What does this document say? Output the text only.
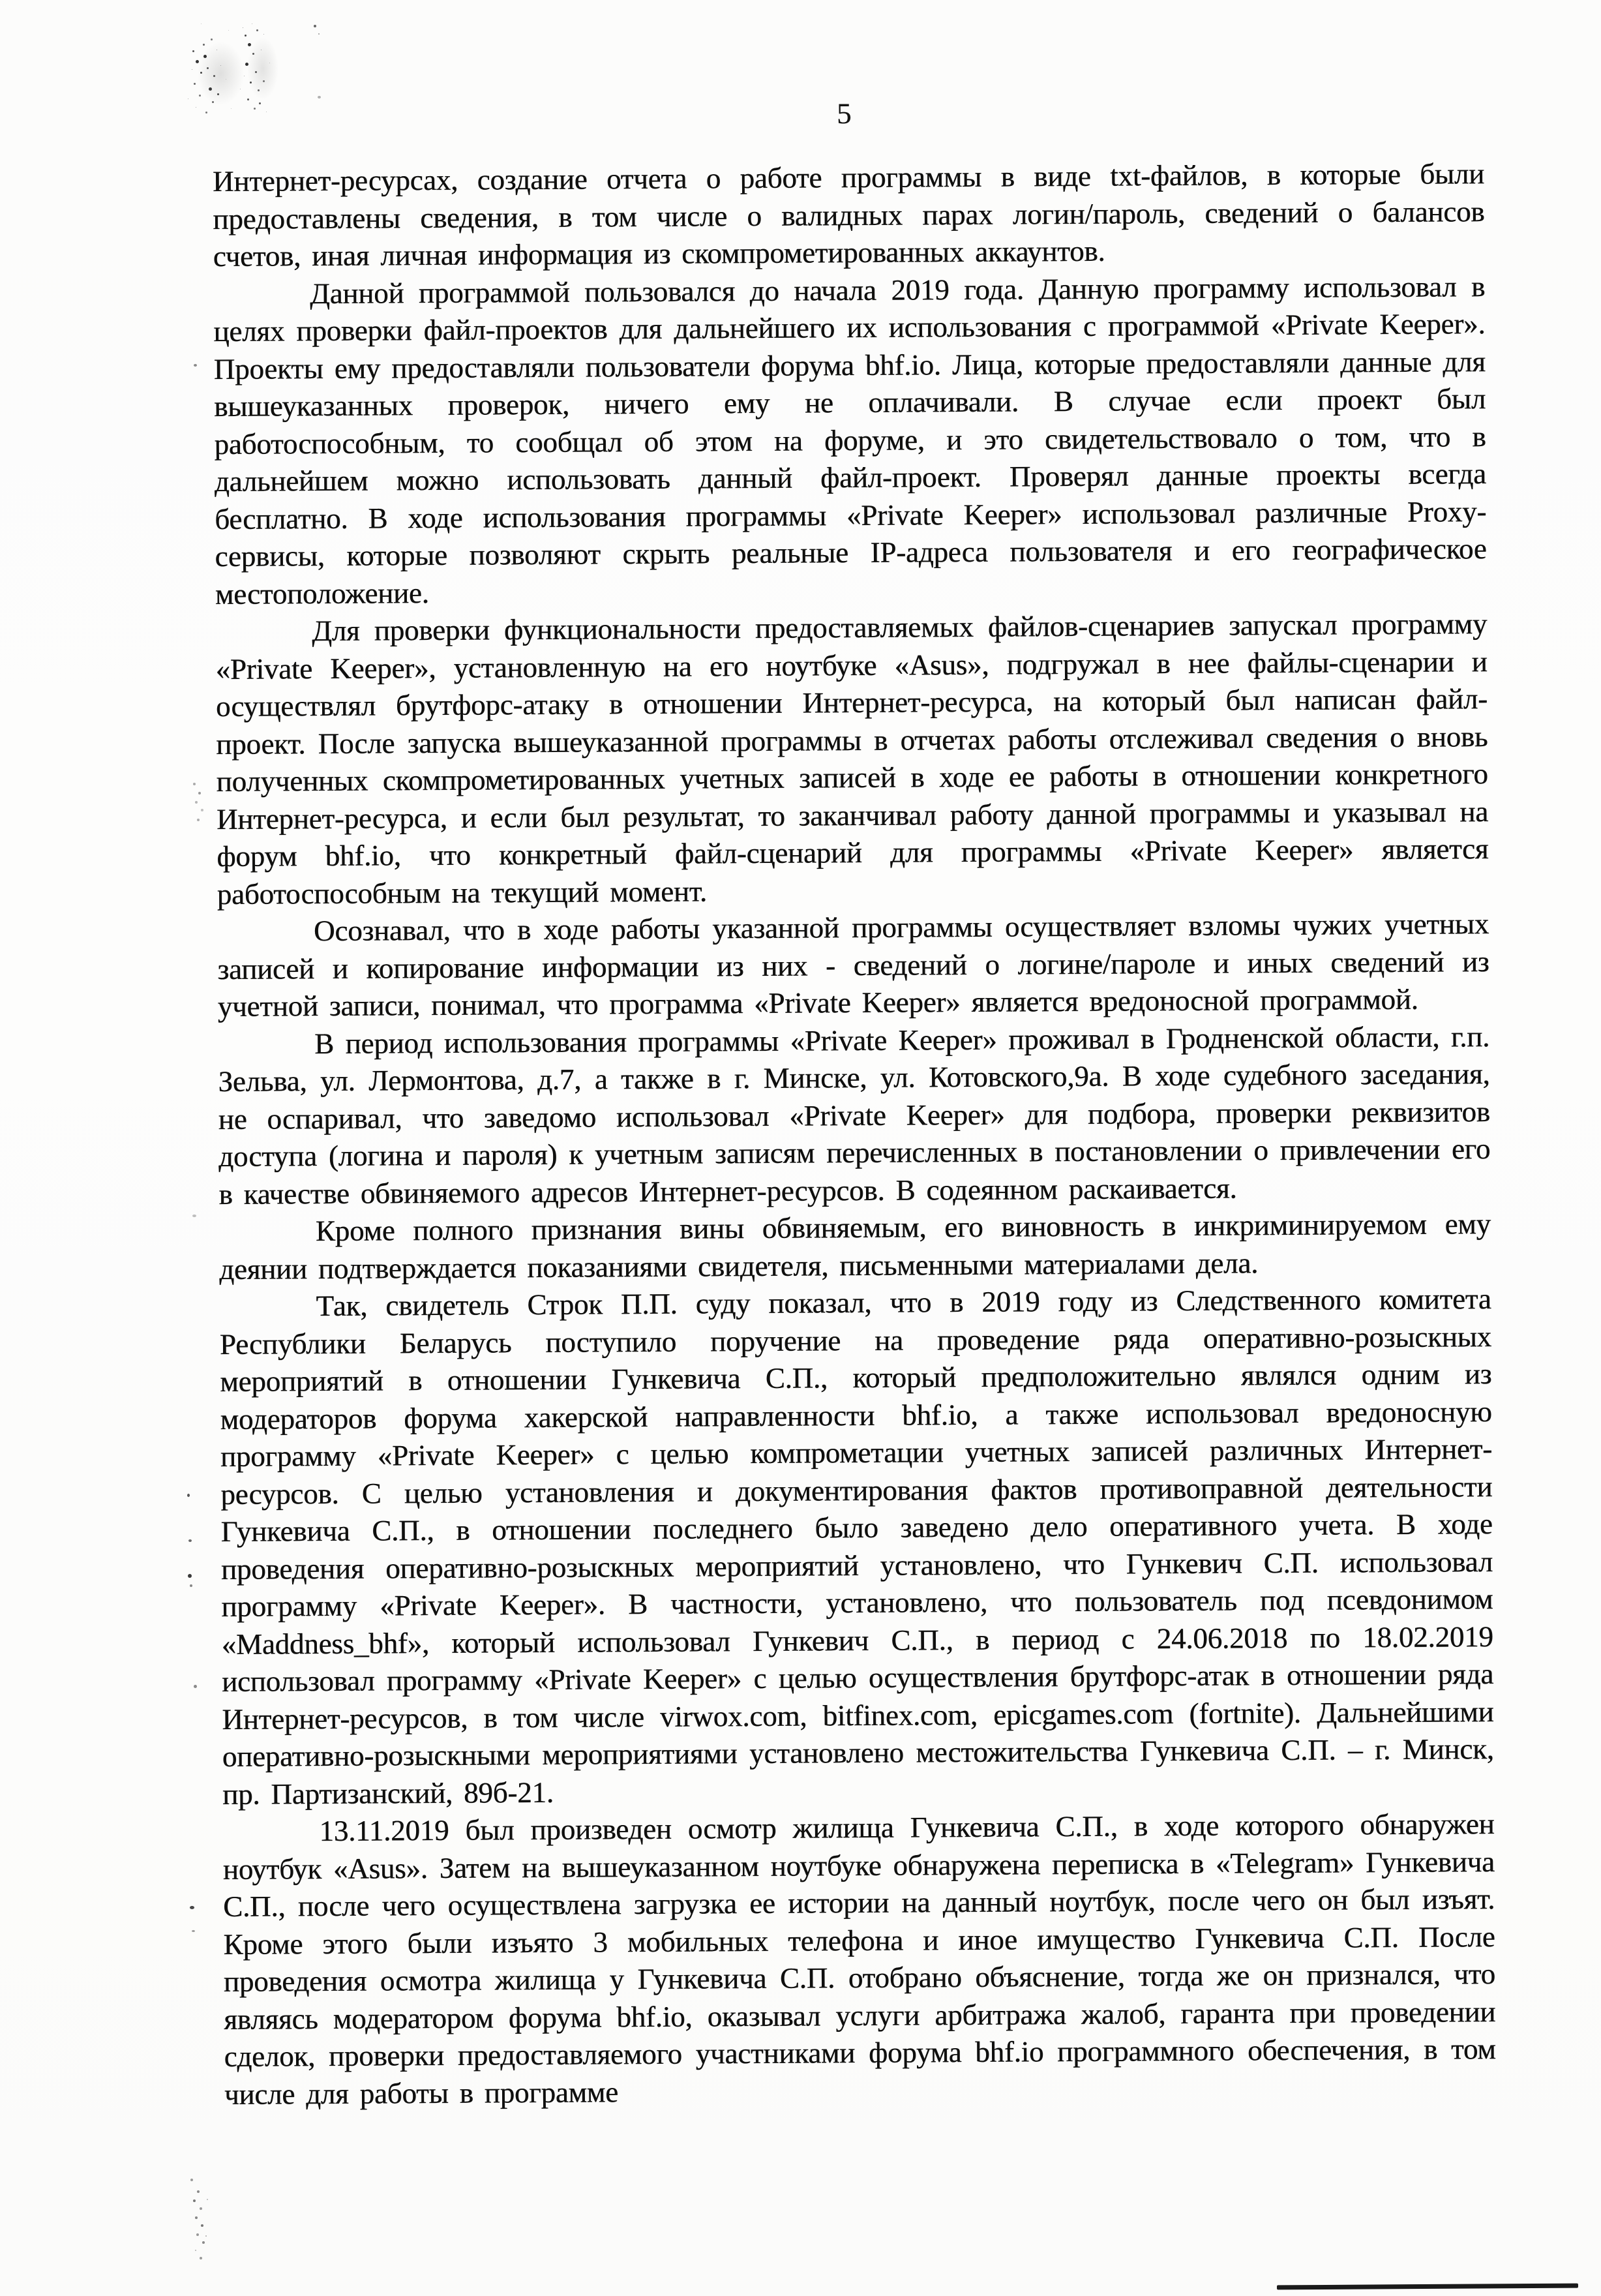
5

Интернет-ресурсах, создание отчета о работе программы в виде txt-файлов, в которые были предоставлены сведения, в том числе о валидных парах логин/пароль, сведений о балансов счетов, иная личная информация из скомпрометированных аккаунтов.

Данной программой пользовался до начала 2019 года. Данную программу использовал в целях проверки файл-проектов для дальнейшего их использования с программой «Private Keeper». Проекты ему предоставляли пользователи форума bhf.io. Лица, которые предоставляли данные для вышеуказанных проверок, ничего ему не оплачивали. В случае если проект был работоспособным, то сообщал об этом на форуме, и это свидетельствовало о том, что в дальнейшем можно использовать данный файл-проект. Проверял данные проекты всегда бесплатно. В ходе использования программы «Private Keeper» использовал различные Proxy-сервисы, которые позволяют скрыть реальные IP-адреса пользователя и его географическое местоположение.

Для проверки функциональности предоставляемых файлов-сценариев запускал программу «Private Keeper», установленную на его ноутбуке «Asus», подгружал в нее файлы-сценарии и осуществлял брутфорс-атаку в отношении Интернет-ресурса, на который был написан файл-проект. После запуска вышеуказанной программы в отчетах работы отслеживал сведения о вновь полученных скомпрометированных учетных записей в ходе ее работы в отношении конкретного Интернет-ресурса, и если был результат, то заканчивал работу данной программы и указывал на форум bhf.io, что конкретный файл-сценарий для программы «Private Keeper» является работоспособным на текущий момент.

Осознавал, что в ходе работы указанной программы осуществляет взломы чужих учетных записей и копирование информации из них - сведений о логине/пароле и иных сведений из учетной записи, понимал, что программа «Private Keeper» является вредоносной программой.

В период использования программы «Private Keeper» проживал в Гродненской области, г.п. Зельва, ул. Лермонтова, д.7, а также в г. Минске, ул. Котовского,9а. В ходе судебного заседания, не оспаривал, что заведомо использовал «Private Keeper» для подбора, проверки реквизитов доступа (логина и пароля) к учетным записям перечисленных в постановлении о привлечении его в качестве обвиняемого адресов Интернет-ресурсов. В содеянном раскаивается.

Кроме полного признания вины обвиняемым, его виновность в инкриминируемом ему деянии подтверждается показаниями свидетеля, письменными материалами дела.

Так, свидетель Строк П.П. суду показал, что в 2019 году из Следственного комитета Республики Беларусь поступило поручение на проведение ряда оперативно-розыскных мероприятий в отношении Гункевича С.П., который предположительно являлся одним из модераторов форума хакерской направленности bhf.io, а также использовал вредоносную программу «Private Keeper» с целью компрометации учетных записей различных Интернет-ресурсов. С целью установления и документирования фактов противоправной деятельности Гункевича С.П., в отношении последнего было заведено дело оперативного учета. В ходе проведения оперативно-розыскных мероприятий установлено, что Гункевич С.П. использовал программу «Private Keeper». В частности, установлено, что пользователь под псевдонимом «Maddness_bhf», который использовал Гункевич С.П., в период с 24.06.2018 по 18.02.2019 использовал программу «Private Keeper» с целью осуществления брутфорс-атак в отношении ряда Интернет-ресурсов, в том числе virwox.com, bitfinex.com, epicgames.com (fortnite). Дальнейшими оперативно-розыскными мероприятиями установлено местожительства Гункевича С.П. – г. Минск, пр. Партизанский, 89б-21.

13.11.2019 был произведен осмотр жилища Гункевича С.П., в ходе которого обнаружен ноутбук «Asus». Затем на вышеуказанном ноутбуке обнаружена переписка в «Telegram» Гункевича С.П., после чего осуществлена загрузка ее истории на данный ноутбук, после чего он был изъят. Кроме этого были изъято 3 мобильных телефона и иное имущество Гункевича С.П. После проведения осмотра жилища у Гункевича С.П. отобрано объяснение, тогда же он признался, что являясь модератором форума bhf.io, оказывал услуги арбитража жалоб, гаранта при проведении сделок, проверки предоставляемого участниками форума bhf.io программного обеспечения, в том числе для работы в программе
